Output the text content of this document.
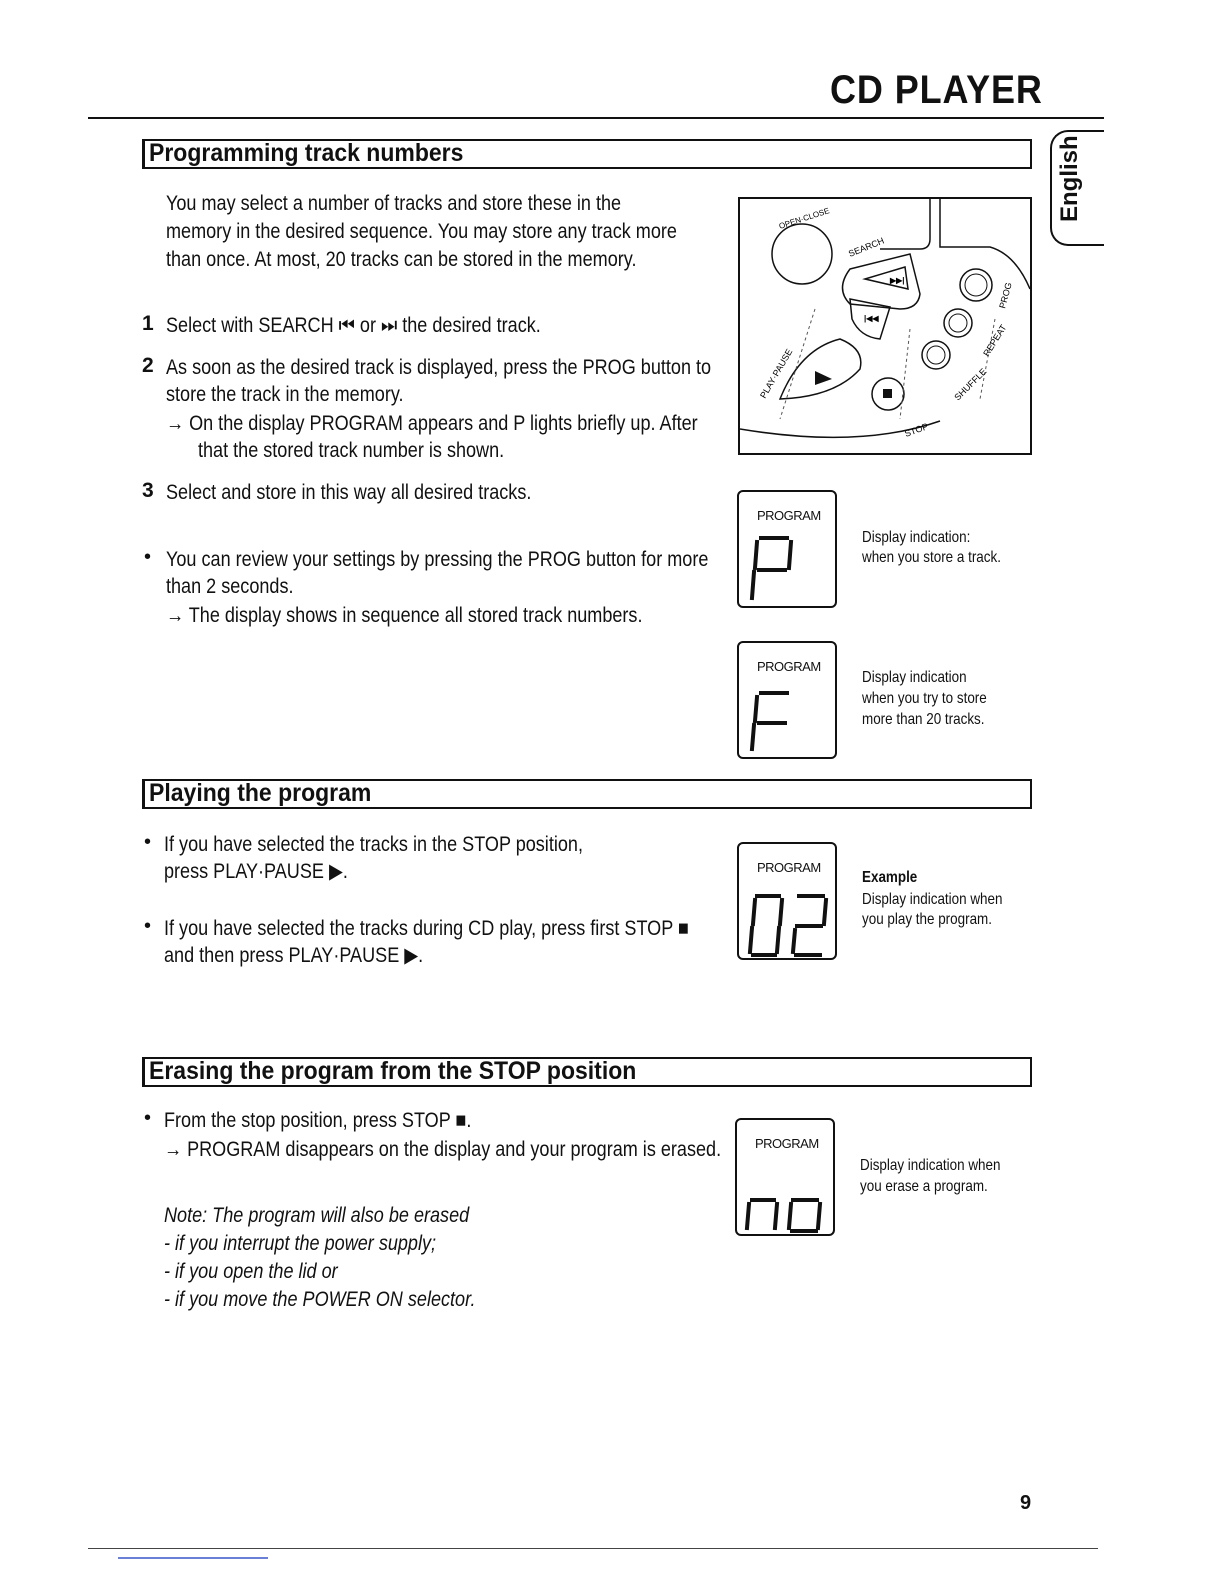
CD PLAYER
English
Programming track numbers
You may select a number of tracks and store these in the
memory in the desired sequence. You may store any track more
than once. At most, 20 tracks can be stored in the memory.
1 Select with SEARCH ⏮ or ⏭ the desired track.
2 As soon as the desired track is displayed, press the PROG button to
store the track in the memory.
→ On the display PROGRAM appears and P lights briefly up. After
that the stored track number is shown.
3 Select and store in this way all desired tracks.
• You can review your settings by pressing the PROG button for more
than 2 seconds.
→ The display shows in sequence all stored track numbers.
OPEN·CLOSE
SEARCH
PROG
REPEAT
SHUFFLE
STOP
PLAY·PAUSE
▶▶|
|◀◀
PROGRAM
Display indication:
when you store a track.
PROGRAM
Display indication
when you try to store
more than 20 tracks.
Playing the program
• If you have selected the tracks in the STOP position,
press PLAY·PAUSE ▶.
• If you have selected the tracks during CD play, press first STOP ■
and then press PLAY·PAUSE ▶.
PROGRAM
Example
Display indication when
you play the program.
Erasing the program from the STOP position
• From the stop position, press STOP ■.
→ PROGRAM disappears on the display and your program is erased.
Note: The program will also be erased
- if you interrupt the power supply;
- if you open the lid or
- if you move the POWER ON selector.
PROGRAM
Display indication when
you erase a program.
9
